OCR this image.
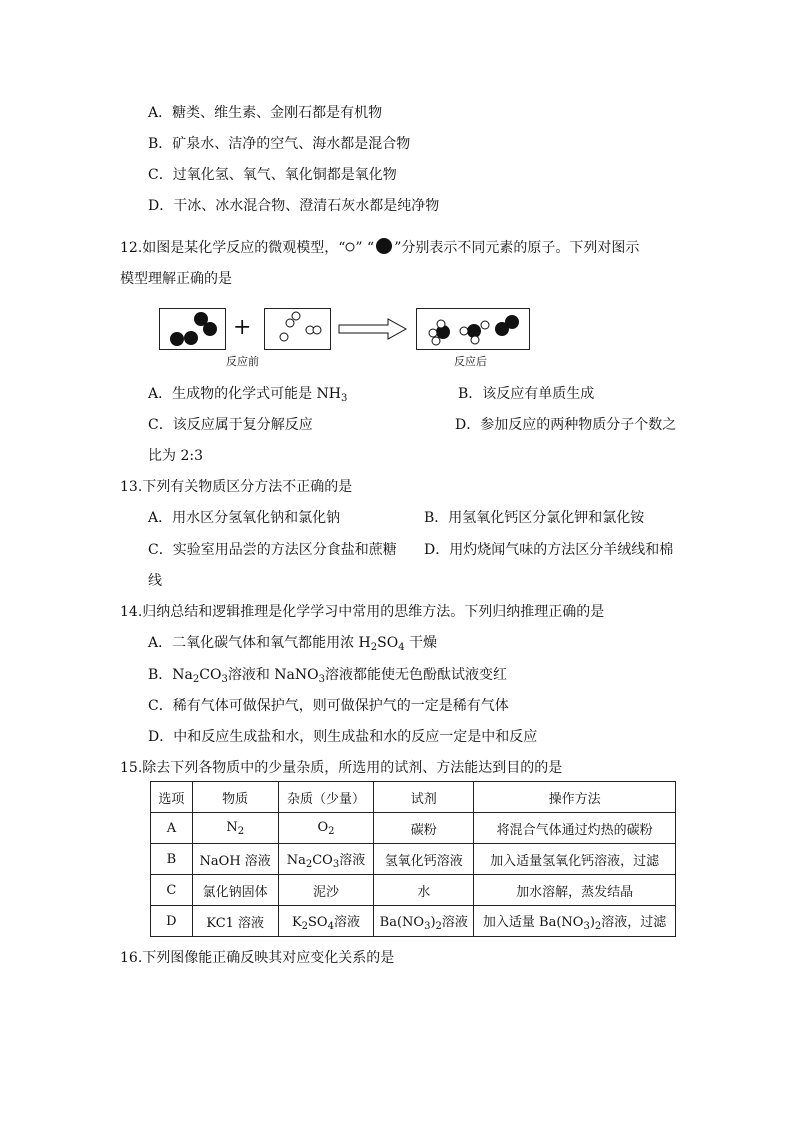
A．糖类、维生素、金刚石都是有机物
B．矿泉水、洁净的空气、海水都是混合物
C．过氧化氢、氧气、氧化铜都是氧化物
D．干冰、冰水混合物、澄清石灰水都是纯净物
12.如图是某化学反应的微观模型，“ ” “ ”分别表示不同元素的原子。下列对图示
模型理解正确的是
+
反应前	反应后
A．生成物的化学式可能是 $NH_3$	B．该反应有单质生成
C．该反应属于复分解反应	D．参加反应的两种物质分子个数之
比为 2:3
13.下列有关物质区分方法不正确的是
A．用水区分氢氧化钠和氯化钠	B．用氢氧化钙区分氯化钾和氯化铵
C．实验室用品尝的方法区分食盐和蔗糖 D．用灼烧闻气味的方法区分羊绒线和棉
线
14.归纳总结和逻辑推理是化学学习中常用的思维方法。下列归纳推理正确的是
A．二氧化碳气体和氧气都能用浓 $H_2SO_4$ 干燥
B．$Na_2CO_3$溶液和 NaNO$_3$溶液都能使无色酚酞试液变红
C．稀有气体可做保护气，则可做保护气的一定是稀有气体
D．中和反应生成盐和水，则生成盐和水的反应一定是中和反应
15.除去下列各物质中的少量杂质，所选用的试剂、方法能达到目的的是
选项	物质	杂质（少量）	试剂	操作方法
A	$N_2$	$O_2$	碳粉	将混合气体通过灼热的碳粉
B	NaOH 溶液	$Na_2CO_3$溶液	氢氧化钙溶液	加入适量氢氧化钙溶液，过滤
C	氯化钠固体	泥沙	水	加水溶解，蒸发结晶
D	KC1 溶液	$K_2SO_4$溶液	$Ba(NO_3)_2$溶液	加入适量 $Ba(NO_3)_2$溶液，过滤
16.下列图像能正确反映其对应变化关系的是
